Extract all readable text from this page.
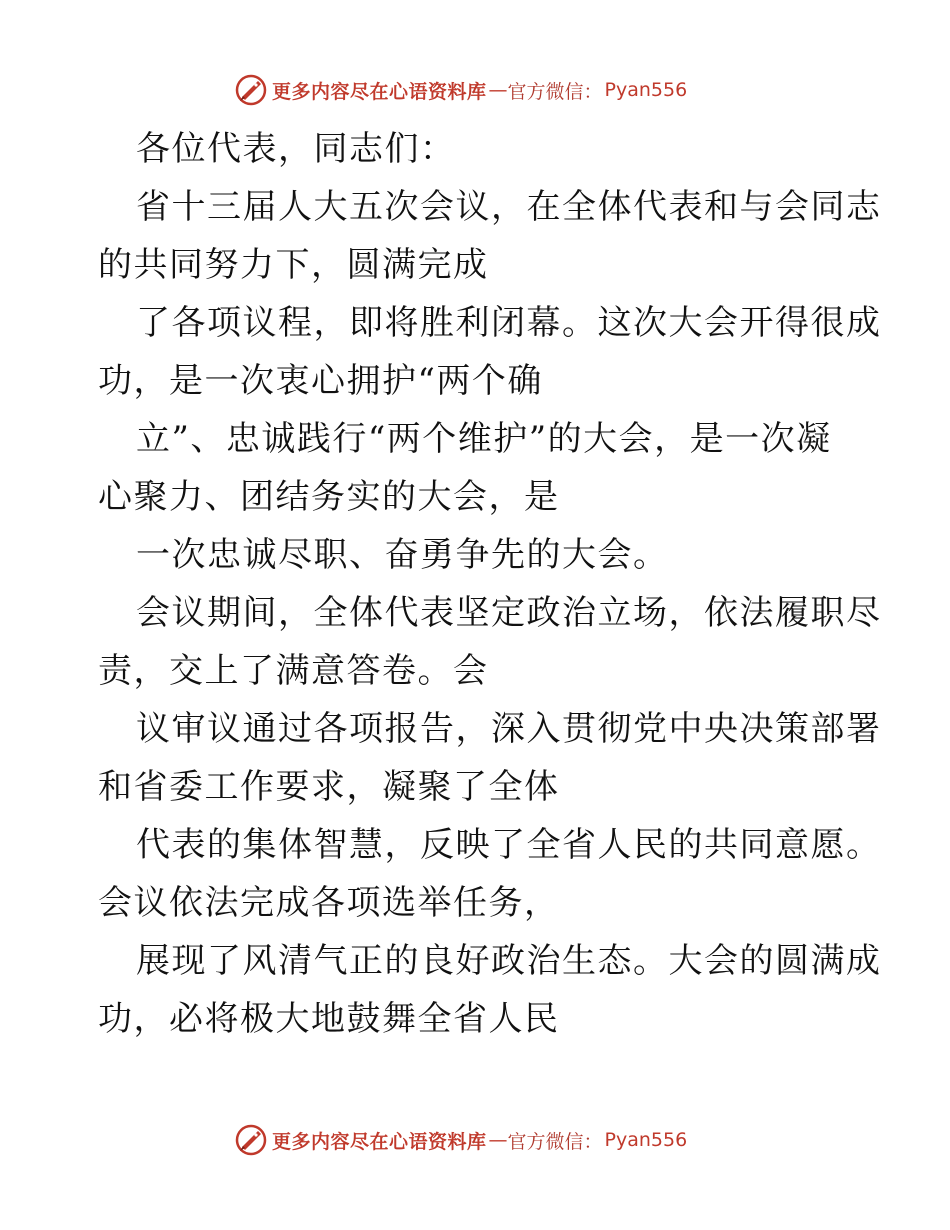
更多内容尽在心语资料库 — 官方微信： Pyan556
各位代表，同志们：
省十三届人大五次会议，在全体代表和与会同志
的共同努力下，圆满完成
了各项议程，即将胜利闭幕。这次大会开得很成
功，是一次衷心拥护“两个确
立”、忠诚践行“两个维护”的大会，是一次凝
心聚力、团结务实的大会，是
一次忠诚尽职、奋勇争先的大会。
会议期间，全体代表坚定政治立场，依法履职尽
责，交上了满意答卷。会
议审议通过各项报告，深入贯彻党中央决策部署
和省委工作要求，凝聚了全体
代表的集体智慧，反映了全省人民的共同意愿。
会议依法完成各项选举任务，
展现了风清气正的良好政治生态。大会的圆满成
功，必将极大地鼓舞全省人民
更多内容尽在心语资料库 — 官方微信： Pyan556
